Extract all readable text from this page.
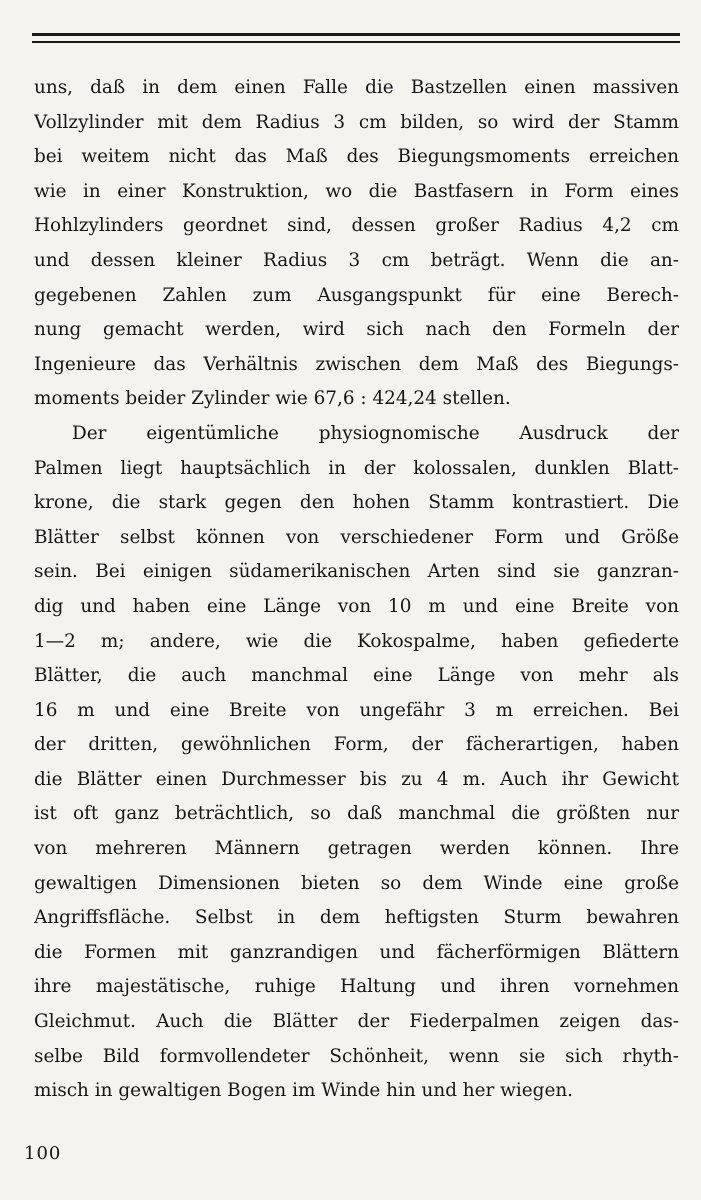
uns, daß in dem einen Falle die Bastzellen einen massiven
Vollzylinder mit dem Radius 3 cm bilden, so wird der Stamm
bei weitem nicht das Maß des Biegungsmoments erreichen
wie in einer Konstruktion, wo die Bastfasern in Form eines
Hohlzylinders geordnet sind, dessen großer Radius 4,2 cm
und dessen kleiner Radius 3 cm beträgt. Wenn die an-
gegebenen Zahlen zum Ausgangspunkt für eine Berech-
nung gemacht werden, wird sich nach den Formeln der
Ingenieure das Verhältnis zwischen dem Maß des Biegungs-
moments beider Zylinder wie 67,6 : 424,24 stellen.
Der eigentümliche physiognomische Ausdruck der
Palmen liegt hauptsächlich in der kolossalen, dunklen Blatt-
krone, die stark gegen den hohen Stamm kontrastiert. Die
Blätter selbst können von verschiedener Form und Größe
sein. Bei einigen südamerikanischen Arten sind sie ganzran-
dig und haben eine Länge von 10 m und eine Breite von
1—2 m; andere, wie die Kokospalme, haben gefiederte
Blätter, die auch manchmal eine Länge von mehr als
16 m und eine Breite von ungefähr 3 m erreichen. Bei
der dritten, gewöhnlichen Form, der fächerartigen, haben
die Blätter einen Durchmesser bis zu 4 m. Auch ihr Gewicht
ist oft ganz beträchtlich, so daß manchmal die größten nur
von mehreren Männern getragen werden können. Ihre
gewaltigen Dimensionen bieten so dem Winde eine große
Angriffsfläche. Selbst in dem heftigsten Sturm bewahren
die Formen mit ganzrandigen und fächerförmigen Blättern
ihre majestätische, ruhige Haltung und ihren vornehmen
Gleichmut. Auch die Blätter der Fiederpalmen zeigen das-
selbe Bild formvollendeter Schönheit, wenn sie sich rhyth-
misch in gewaltigen Bogen im Winde hin und her wiegen.
100
